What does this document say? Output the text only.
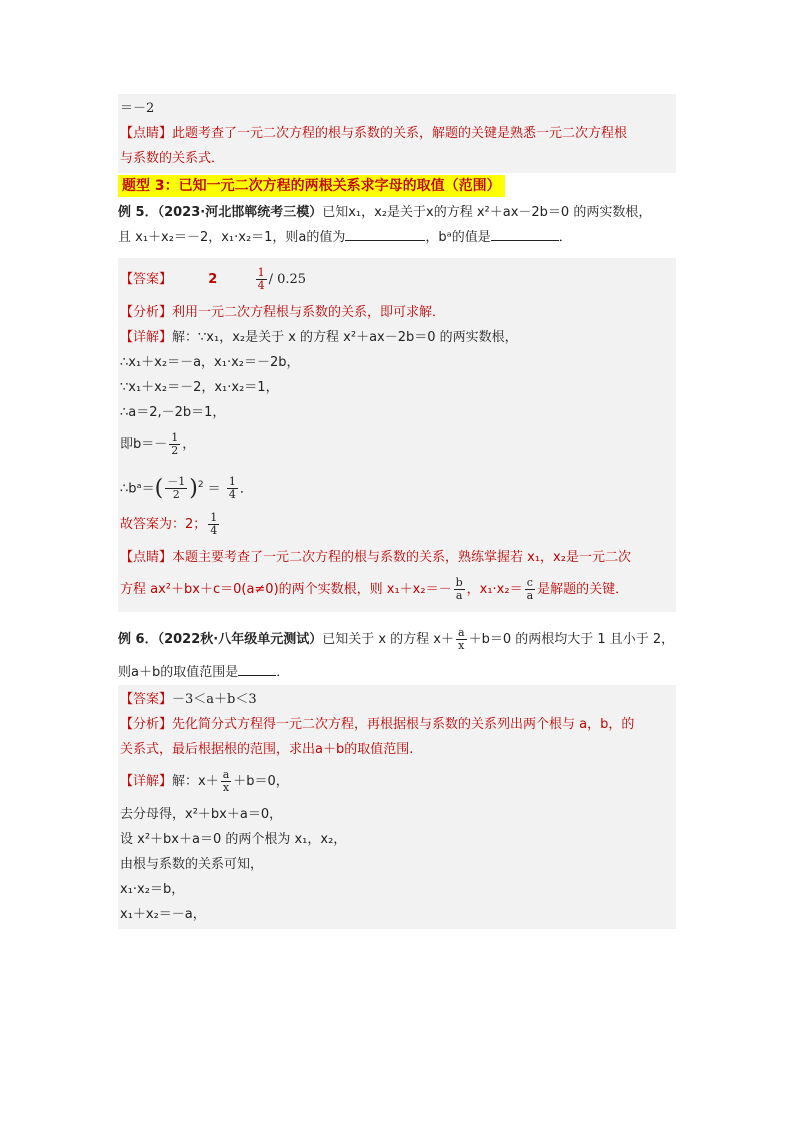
＝－2
【点睛】此题考查了一元二次方程的根与系数的关系，解题的关键是熟悉一元二次方程根
与系数的关系式．
题型 3：已知一元二次方程的两根关系求字母的取值（范围）
例 5．（2023·河北邯郸统考三模）已知x₁，x₂是关于x的方程 x²＋ax－2b＝0 的两实数根，
且 x₁＋x₂＝－2，x₁·x₂＝1，则a的值为	，bᵃ的值是	．
【答案】	2	$\frac{1}{4} / 0.25$
【分析】利用一元二次方程根与系数的关系，即可求解．
【详解】解：∵x₁，x₂是关于 x 的方程 x²＋ax－2b＝0 的两实数根，
∴x₁＋x₂＝－a，x₁·x₂＝－2b，
∵x₁＋x₂＝－2，x₁·x₂＝1，
∴a＝2,－2b＝1，
即$b=- \frac{1}{2}$ ，
∴bᵃ＝( $\frac{-1}{2} )^2 = \frac{1}{4}$ ．
故答案为：2； $\frac{1}{4}$
【点睛】本题主要考查了一元二次方程的根与系数的关系，熟练掌握若 x₁，x₂是一元二次
方程 ax²＋bx＋c＝0(a≠0)的两个实数根，则 $x_1+x_2=- \frac{b}{a}$ ，$x_1\cdot x_2= \frac{c}{a}$ 是解题的关键．
例 6．（2022秋·八年级单元测试）已知关于 x 的方程 $x+ \frac{a}{x} +b=0$ 的两根均大于 1 且小于 2，
则a＋b的取值范围是	．
【答案】－3＜a＋b＜3
【分析】先化简分式方程得一元二次方程，再根据根与系数的关系列出两个根与 a，b，的
关系式，最后根据根的范围，求出a＋b的取值范围.
【详解】解：$x+ \frac{a}{x} +b=0$，
去分母得，x²＋bx＋a＝0，
设 x²＋bx＋a＝0 的两个根为 x₁，x₂，
由根与系数的关系可知，
x₁·x₂＝b，
x₁＋x₂＝－a，
